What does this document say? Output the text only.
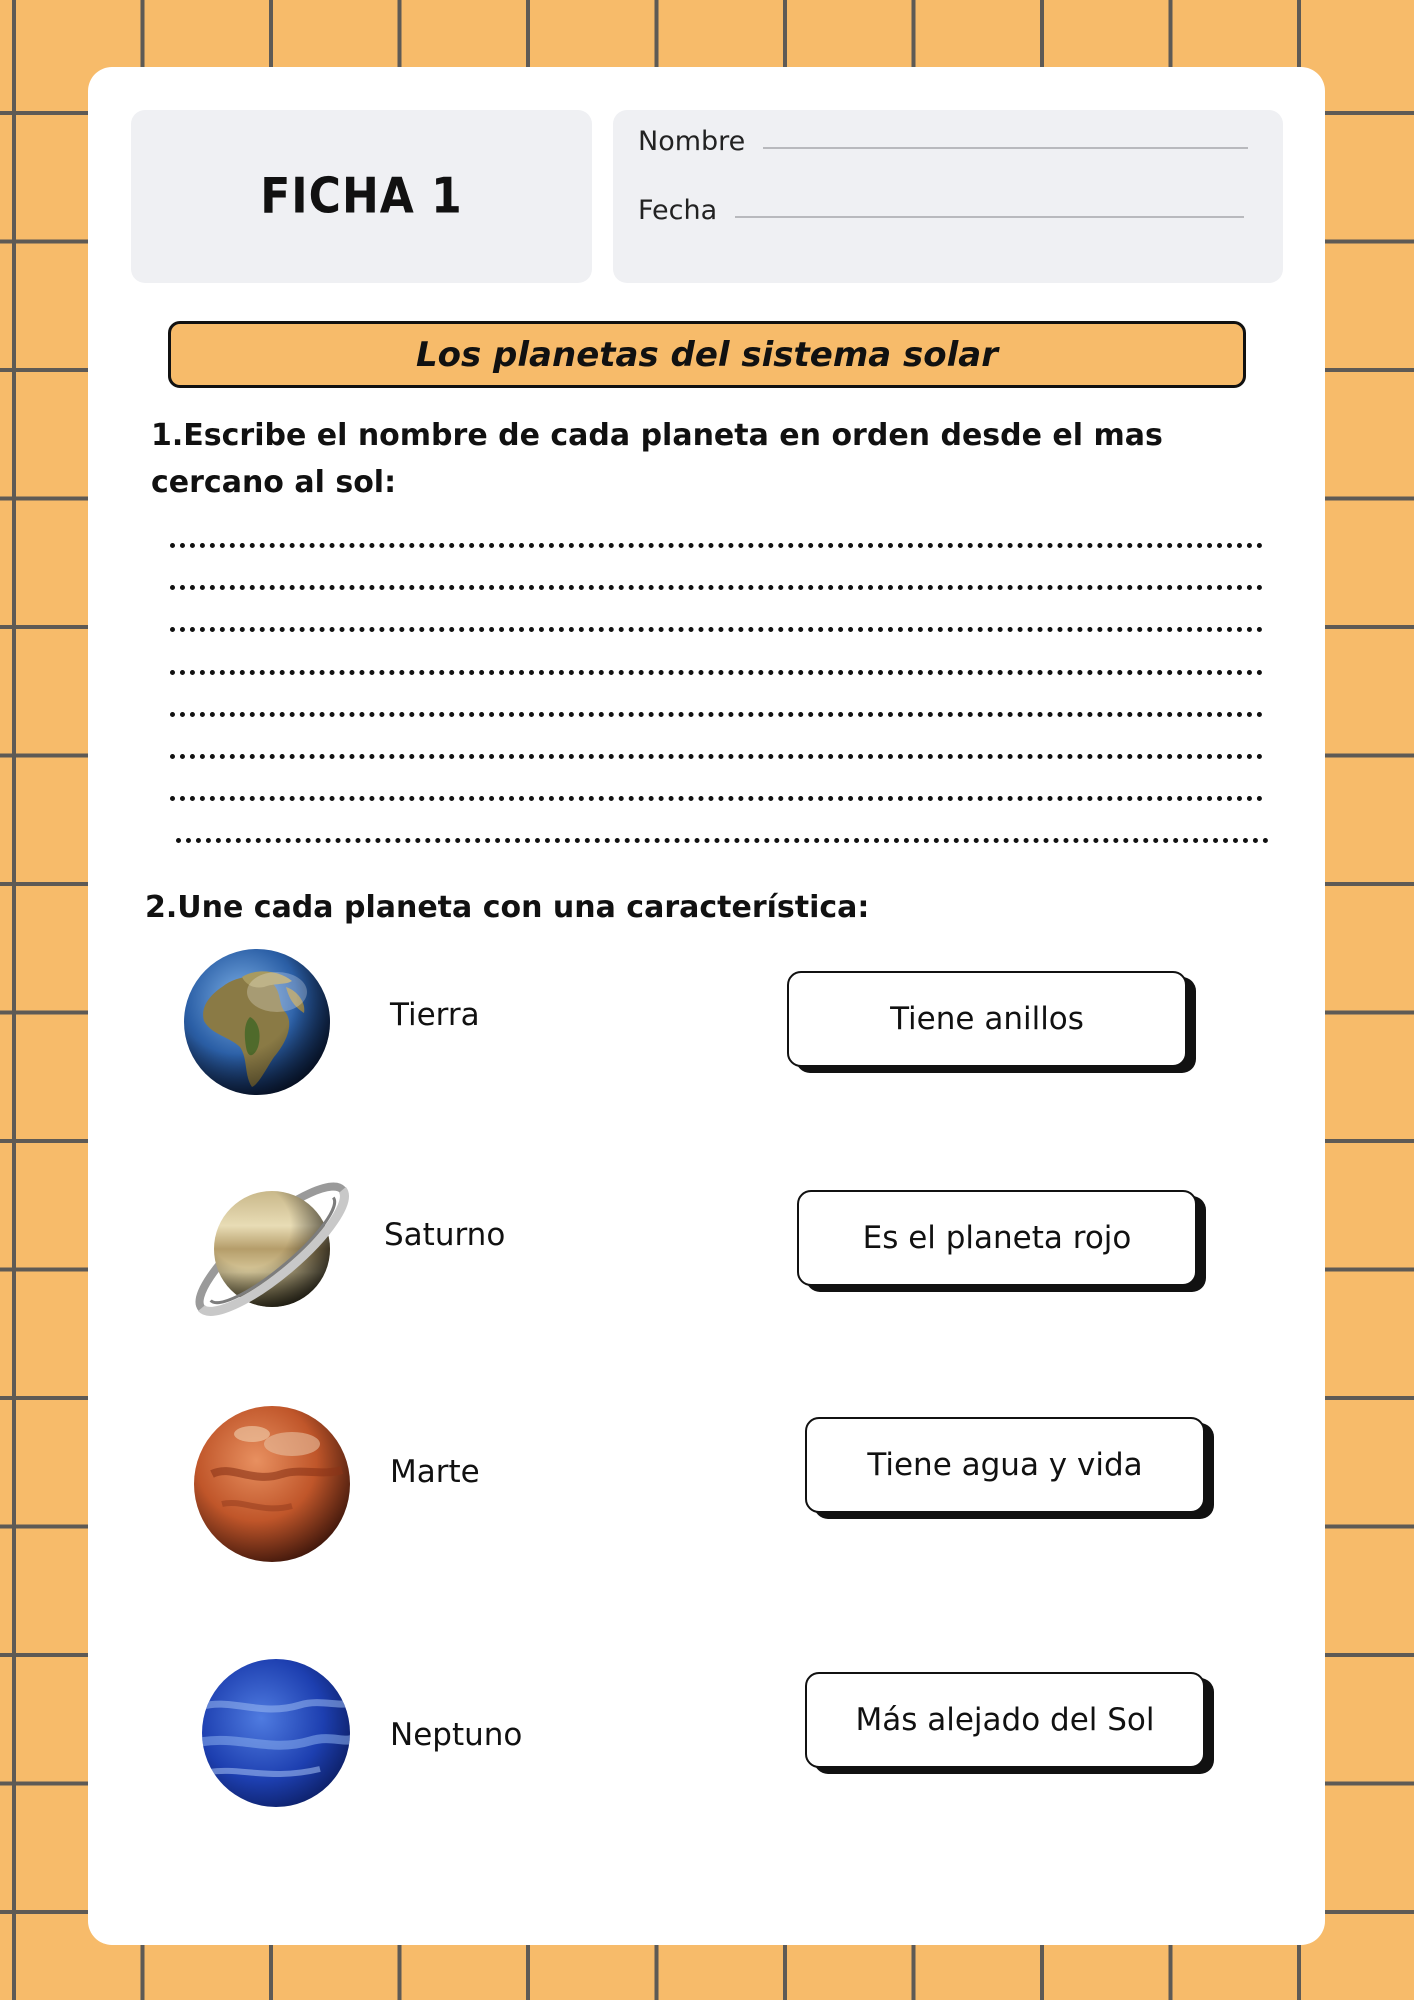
FICHA 1
Nombre
Fecha
Los planetas del sistema solar
1.Escribe el nombre de cada planeta en orden desde el mas cercano al sol:
2.Une cada planeta con una característica:
Tierra
Saturno
Marte
Neptuno
Tiene anillos
Es el planeta rojo
Tiene agua y vida
Más alejado del Sol
